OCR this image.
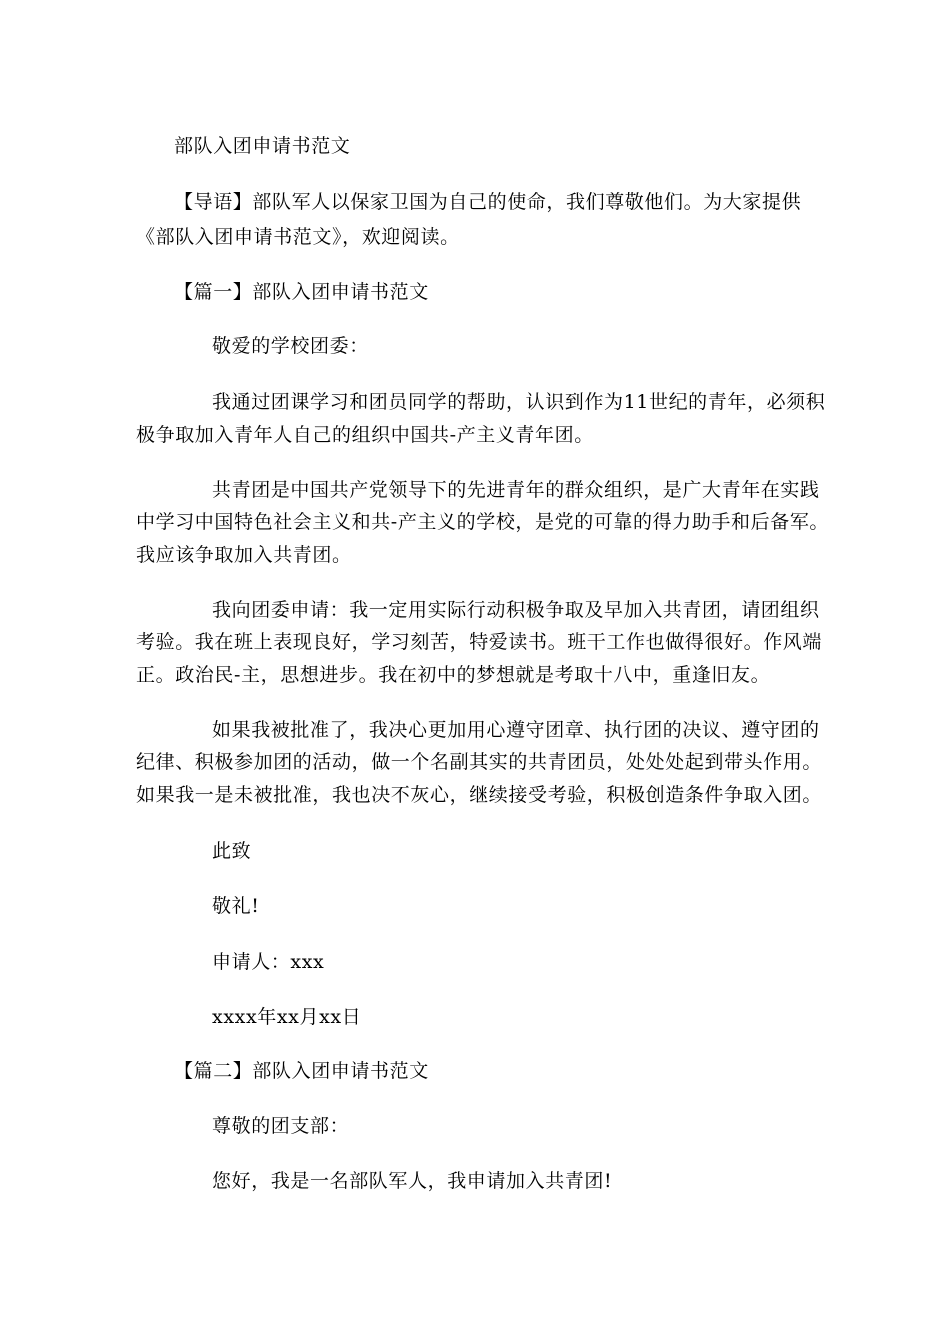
部队入团申请书范文
【导语】部队军人以保家卫国为自己的使命，我们尊敬他们。为大家提供
《部队入团申请书范文》，欢迎阅读。
【篇一】部队入团申请书范文
敬爱的学校团委：
我通过团课学习和团员同学的帮助，认识到作为11世纪的青年，必须积
极争取加入青年人自己的组织中国共-产主义青年团。
共青团是中国共产党领导下的先进青年的群众组织，是广大青年在实践
中学习中国特色社会主义和共-产主义的学校，是党的可靠的得力助手和后备军。
我应该争取加入共青团。
我向团委申请：我一定用实际行动积极争取及早加入共青团，请团组织
考验。我在班上表现良好，学习刻苦，特爱读书。班干工作也做得很好。作风端
正。政治民-主，思想进步。我在初中的梦想就是考取十八中，重逢旧友。
如果我被批准了，我决心更加用心遵守团章、执行团的决议、遵守团的
纪律、积极参加团的活动，做一个名副其实的共青团员，处处处起到带头作用。
如果我一是未被批准，我也决不灰心，继续接受考验，积极创造条件争取入团。
此致
敬礼!
申请人：xxx
xxxx年xx月xx日
【篇二】部队入团申请书范文
尊敬的团支部：
您好，我是一名部队军人，我申请加入共青团!
